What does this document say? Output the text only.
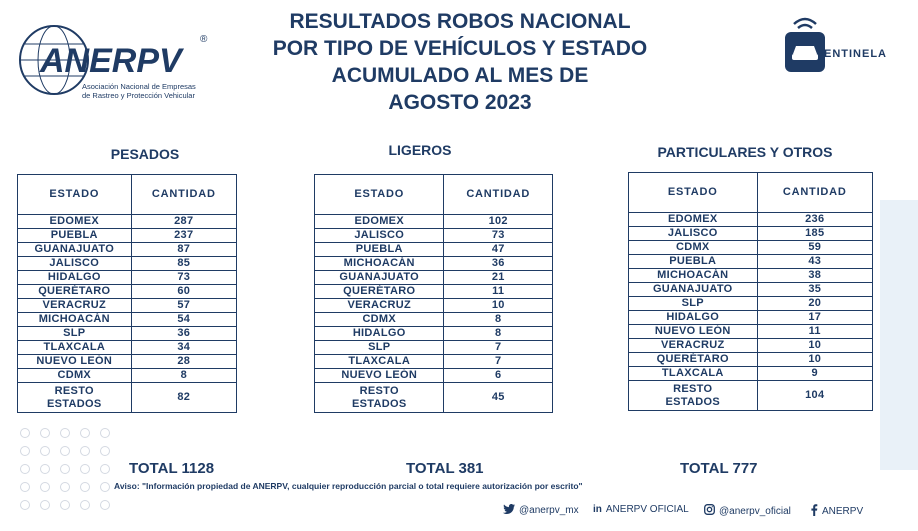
ANERPV
®
Asociación Nacional de Empresas
de Rastreo y Protección Vehicular
RESULTADOS ROBOS NACIONAL
POR TIPO DE VEHÍCULOS Y ESTADO
ACUMULADO AL MES DE
AGOSTO 2023
ENTINELA
PESADOS	LIGEROS	PARTICULARES Y OTROS
ESTADO	CANTIDAD
EDOMEX	287
PUEBLA	237
GUANAJUATO	87
JALISCO	85
HIDALGO	73
QUERÉTARO	60
VERACRUZ	57
MICHOACÁN	54
SLP	36
TLAXCALA	34
NUEVO LEÓN	28
CDMX	8

RESTO
ESTADOS	82
ESTADO	CANTIDAD
EDOMEX	102
JALISCO	73
PUEBLA	47
MICHOACÁN	36
GUANAJUATO	21
QUERÉTARO	11
VERACRUZ	10
CDMX	8
HIDALGO	8
SLP	7
TLAXCALA	7
NUEVO LEÓN	6

RESTO
ESTADOS	45
ESTADO	CANTIDAD
EDOMEX	236
JALISCO	185
CDMX	59
PUEBLA	43
MICHOACÁN	38
GUANAJUATO	35
SLP	20
HIDALGO	17
NUEVO LEÓN	11
VERACRUZ	10
QUERÉTARO	10
TLAXCALA	9

RESTO
ESTADOS	104
TOTAL 1128	TOTAL 381	TOTAL 777
Aviso: "Información propiedad de ANERPV, cualquier reproducción parcial o total requiere autorización por escrito"
@anerpv_mx in ANERPV OFICIAL	@anerpv_oficial	ANERPV
